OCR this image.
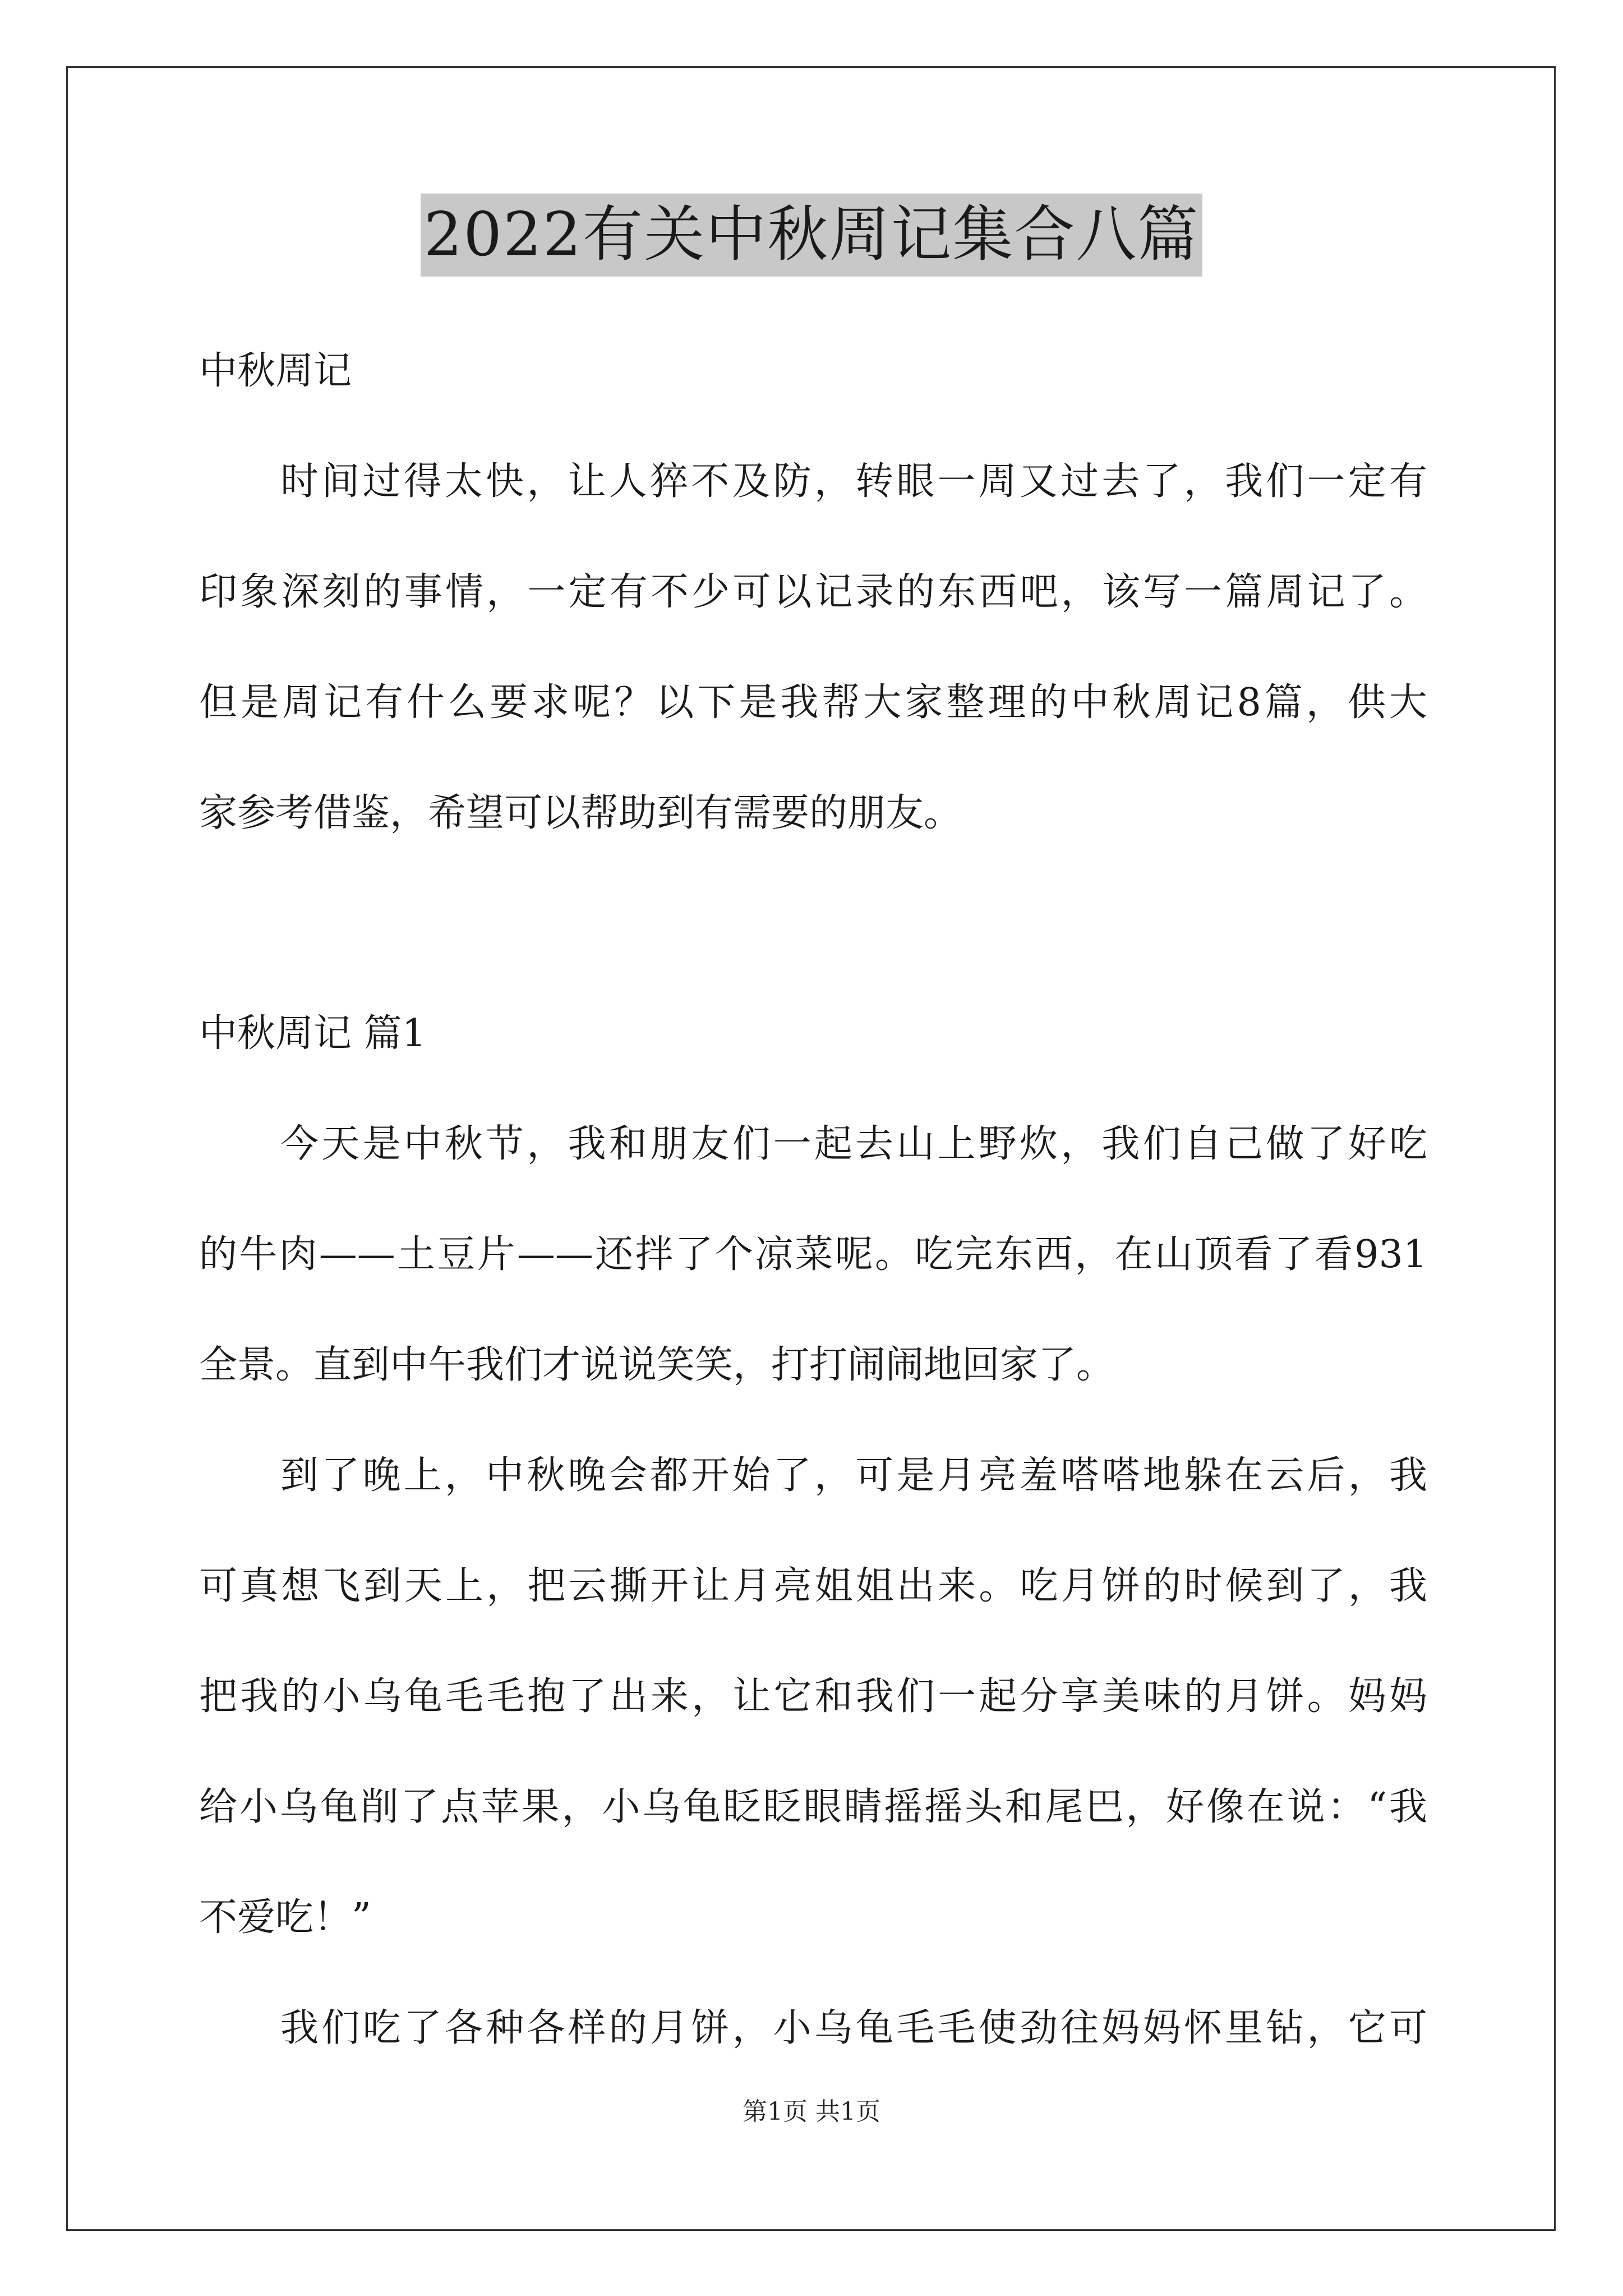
2022有关中秋周记集合八篇
中秋周记
时间过得太快，让人猝不及防，转眼一周又过去了，我们一定有
印象深刻的事情，一定有不少可以记录的东西吧，该写一篇周记了。
但是周记有什么要求呢？以下是我帮大家整理的中秋周记8篇，供大
家参考借鉴，希望可以帮助到有需要的朋友。
中秋周记 篇1
今天是中秋节，我和朋友们一起去山上野炊，我们自己做了好吃
的牛肉——土豆片——还拌了个凉菜呢。吃完东西，在山顶看了看931
全景。直到中午我们才说说笑笑，打打闹闹地回家了。
到了晚上，中秋晚会都开始了，可是月亮羞嗒嗒地躲在云后，我
可真想飞到天上，把云撕开让月亮姐姐出来。吃月饼的时候到了，我
把我的小乌龟毛毛抱了出来，让它和我们一起分享美味的月饼。妈妈
给小乌龟削了点苹果，小乌龟眨眨眼睛摇摇头和尾巴，好像在说：“我
不爱吃！”
我们吃了各种各样的月饼，小乌龟毛毛使劲往妈妈怀里钻，它可
第1页 共1页
